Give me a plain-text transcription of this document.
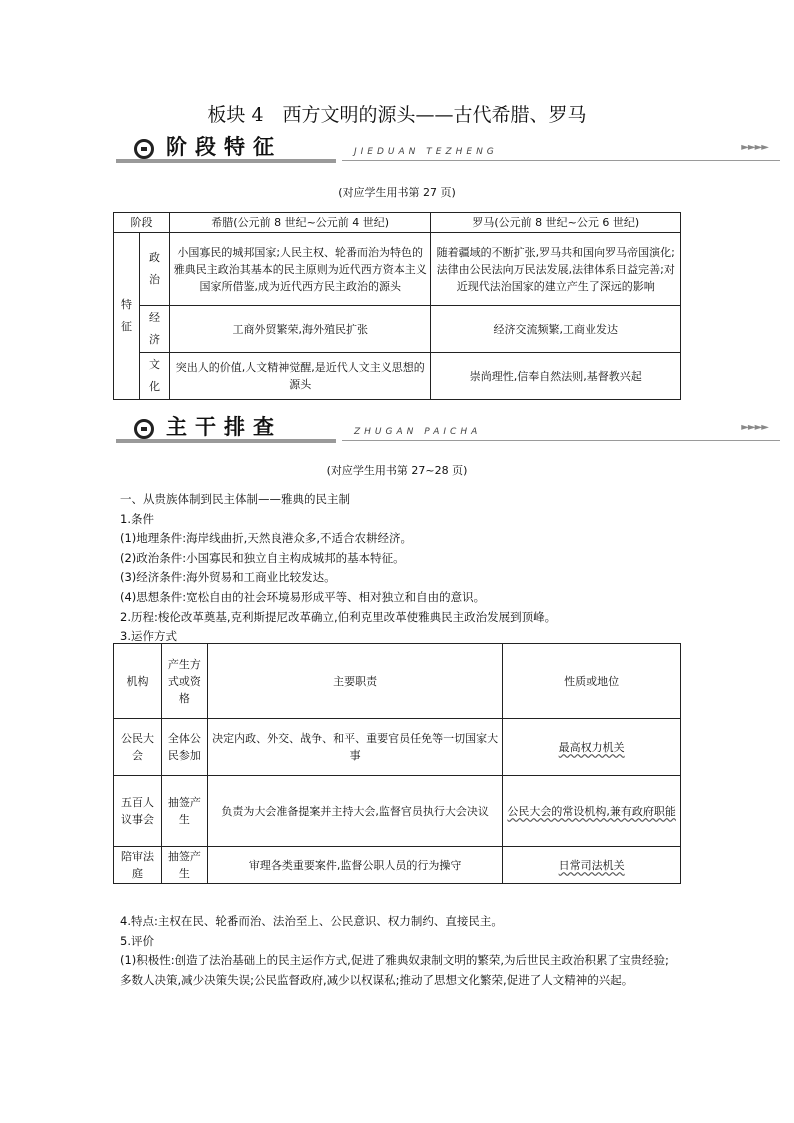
板块 4　西方文明的源头——古代希腊、罗马
阶段特征	JIEDUAN TEZHENG	►►►►
(对应学生用书第 27 页)
阶段		希腊(公元前 8 世纪~公元前 4 世纪)	罗马(公元前 8 世纪~公元 6 世纪)

特征	政治	小国寡民的城邦国家;人民主权、轮番而治为特色的雅典民主政治其基本的民主原则为近代西方资本主义国家所借鉴,成为近代西方民主政治的源头	随着疆域的不断扩张,罗马共和国向罗马帝国演化;法律由公民法向万民法发展,法律体系日益完善;对近现代法治国家的建立产生了深远的影响

	经济	工商外贸繁荣,海外殖民扩张	经济交流频繁,工商业发达

	文化	突出人的价值,人文精神觉醒,是近代人文主义思想的源头	崇尚理性,信奉自然法则,基督教兴起
主干排查	ZHUGAN PAICHA	►►►►
(对应学生用书第 27~28 页)

一、从贵族体制到民主体制——雅典的民主制

1.条件

(1)地理条件:海岸线曲折,天然良港众多,不适合农耕经济。

(2)政治条件:小国寡民和独立自主构成城邦的基本特征。

(3)经济条件:海外贸易和工商业比较发达。

(4)思想条件:宽松自由的社会环境易形成平等、相对独立和自由的意识。

2.历程:梭伦改革奠基,克利斯提尼改革确立,伯利克里改革使雅典民主政治发展到顶峰。

3.运作方式

机构	产生方式或资格	主要职责	性质或地位
公民大会	全体公民参加	决定内政、外交、战争、和平、重要官员任免等一切国家大事	最高权力机关
五百人议事会	抽签产生	负责为大会准备提案并主持大会,监督官员执行大会决议	公民大会的常设机构,兼有政府职能
陪审法庭	抽签产生	审理各类重要案件,监督公职人员的行为操守	日常司法机关

4.特点:主权在民、轮番而治、法治至上、公民意识、权力制约、直接民主。

5.评价

(1)积极性:创造了法治基础上的民主运作方式,促进了雅典奴隶制文明的繁荣,为后世民主政治积累了宝贵经验;多数人决策,减少决策失误;公民监督政府,减少以权谋私;推动了思想文化繁荣,促进了人文精神的兴起。
